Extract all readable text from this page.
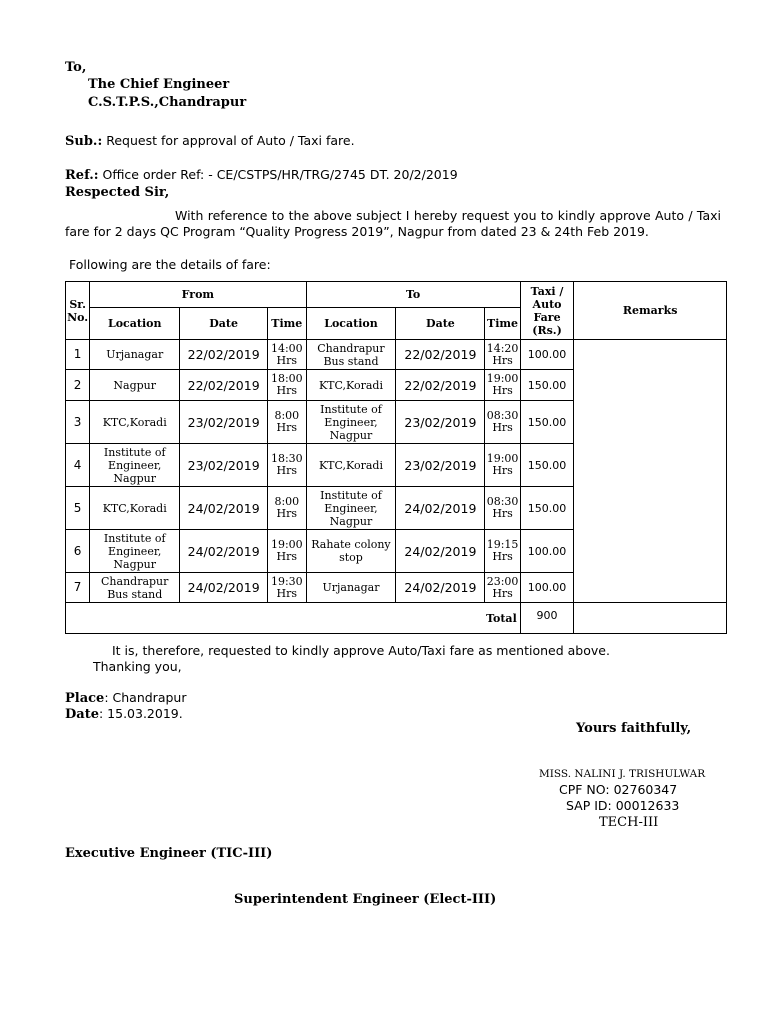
To,
The Chief Engineer
C.S.T.P.S.,Chandrapur
Sub.: Request for approval of Auto / Taxi fare.
Ref.: Office order Ref: - CE/CSTPS/HR/TRG/2745 DT. 20/2/2019
Respected Sir,
With reference to the above subject I hereby request you to kindly approve Auto / Taxi fare for 2 days QC Program “Quality Progress 2019”, Nagpur from dated 23 & 24th Feb 2019.
Following are the details of fare:
Sr. No.	From			To			Taxi / Auto Fare (Rs.)	Remarks
	Location	Date	Time	Location	Date	Time		
1	Urjanagar	22/02/2019	14:00 Hrs	Chandrapur Bus stand	22/02/2019	14:20 Hrs	100.00	
2	Nagpur	22/02/2019	18:00 Hrs	KTC,Koradi	22/02/2019	19:00 Hrs	150.00	
3	KTC,Koradi	23/02/2019	8:00 Hrs	Institute of Engineer, Nagpur	23/02/2019	08:30 Hrs	150.00	
4	Institute of Engineer, Nagpur	23/02/2019	18:30 Hrs	KTC,Koradi	23/02/2019	19:00 Hrs	150.00	
5	KTC,Koradi	24/02/2019	8:00 Hrs	Institute of Engineer, Nagpur	24/02/2019	08:30 Hrs	150.00	
6	Institute of Engineer, Nagpur	24/02/2019	19:00 Hrs	Rahate colony stop	24/02/2019	19:15 Hrs	100.00	
7	Chandrapur Bus stand	24/02/2019	19:30 Hrs	Urjanagar	24/02/2019	23:00 Hrs	100.00	
Total							900	
It is, therefore, requested to kindly approve Auto/Taxi fare as mentioned above.
Thanking you,
Place: Chandrapur
Date: 15.03.2019.
Yours faithfully,
MISS. NALINI J. TRISHULWAR
CPF NO: 02760347
SAP ID: 00012633
TECH-III
Executive Engineer (TIC-III)
Superintendent Engineer (Elect-III)
